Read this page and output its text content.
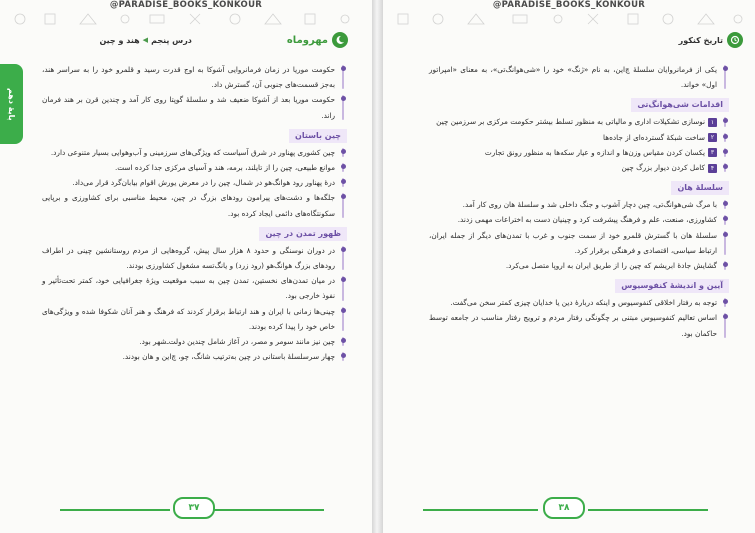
@PARADISE_BOOKS_KONKOUR
مهروماه
درس پنجم
◀
هند و چین
پایهٔ دهم
حکومت موریا در زمان فرمانروایی آشوکا به اوج قدرت رسید و قلمرو خود را به سراسر هند، به‌جز قسمت‌های جنوبی آن، گسترش داد.
حکومت موریا بعد از آشوکا ضعیف شد و سلسلهٔ گوپتا روی کار آمد و چندین قرن بر هند فرمان راند.
چین باستان
چین کشوری پهناور در شرق آسیاست که ویژگی‌های سرزمینی و آب‌وهوایی بسیار متنوعی دارد.
موانع طبیعی، چین را از تایلند، برمه، هند و آسیای مرکزی جدا کرده است.
درهٔ پهناور رود هوانگ‌هو در شمال، چین را در معرض یورش اقوام بیابان‌گرد قرار می‌داد.
جلگه‌ها و دشت‌های پیرامون رودهای بزرگ در چین، محیط مناسبی برای کشاورزی و برپایی سکونتگاه‌های دائمی ایجاد کرده بود.
ظهور تمدن در چین
در دوران نوسنگی و حدود ۸ هزار سال پیش، گروه‌هایی از مردم روستانشین چینی در اطراف رودهای بزرگ هوانگ‌هو (رود زرد) و یانگ‌تسه مشغول کشاورزی بودند.
در میان تمدن‌های نخستین، تمدن چین به سبب موقعیت ویژهٔ جغرافیایی خود، کمتر تحت‌تأثیر و نفوذ خارجی بود.
چینی‌ها زمانی با ایران و هند ارتباط برقرار کردند که فرهنگ و هنر آنان شکوفا شده و ویژگی‌های خاص خود را پیدا کرده بودند.
چین نیز مانند سومر و مصر، در آغاز شامل چندین دولت‌ـ‌شهر بود.
چهار سرسلسلهٔ باستانی در چین به‌ترتیب شانگ، چو، چ‌این و هان بودند.
۳۷
@PARADISE_BOOKS_KONKOUR
تاریخ کنکور
یکی از فرمانروایان سلسلهٔ چ‌این، به نام «ژنگ» خود را «شی‌هوانگ‌تی»، به معنای «امپراتور اول» خواند.
اقدامات شی‌هوانگ‌تی
۱نوسازی تشکیلات اداری و مالیاتی به منظور تسلط بیشتر حکومت مرکزی بر سرزمین چین
۲ساخت شبکهٔ گسترده‌ای از جاده‌ها
۳یکسان کردن مقیاس وزن‌ها و اندازه و عیار سکه‌ها به منظور رونق تجارت
۴کامل کردن دیوار بزرگ چین
سلسلهٔ هان
با مرگ شی‌هوانگ‌تی، چین دچار آشوب و جنگ داخلی شد و سلسلهٔ هان روی کار آمد.
کشاورزی، صنعت، علم و فرهنگ پیشرفت کرد و چینیان دست به اختراعات مهمی زدند.
سلسلهٔ هان با گسترش قلمرو خود از سمت جنوب و غرب با تمدن‌های دیگر از جمله ایران، ارتباط سیاسی، اقتصادی و فرهنگی برقرار کرد.
گشایش جادهٔ ابریشم که چین را از طریق ایران به اروپا متصل می‌کرد.
آیین و اندیشهٔ کنفوسیوس
توجه به رفتار اخلاقی کنفوسیوس و اینکه دربارهٔ دین یا خدایان چیزی کمتر سخن می‌گفت.
اساس تعالیم کنفوسیوس مبتنی بر چگونگی رفتار مردم و ترویج رفتار مناسب در جامعه توسط حاکمان بود.
۳۸
